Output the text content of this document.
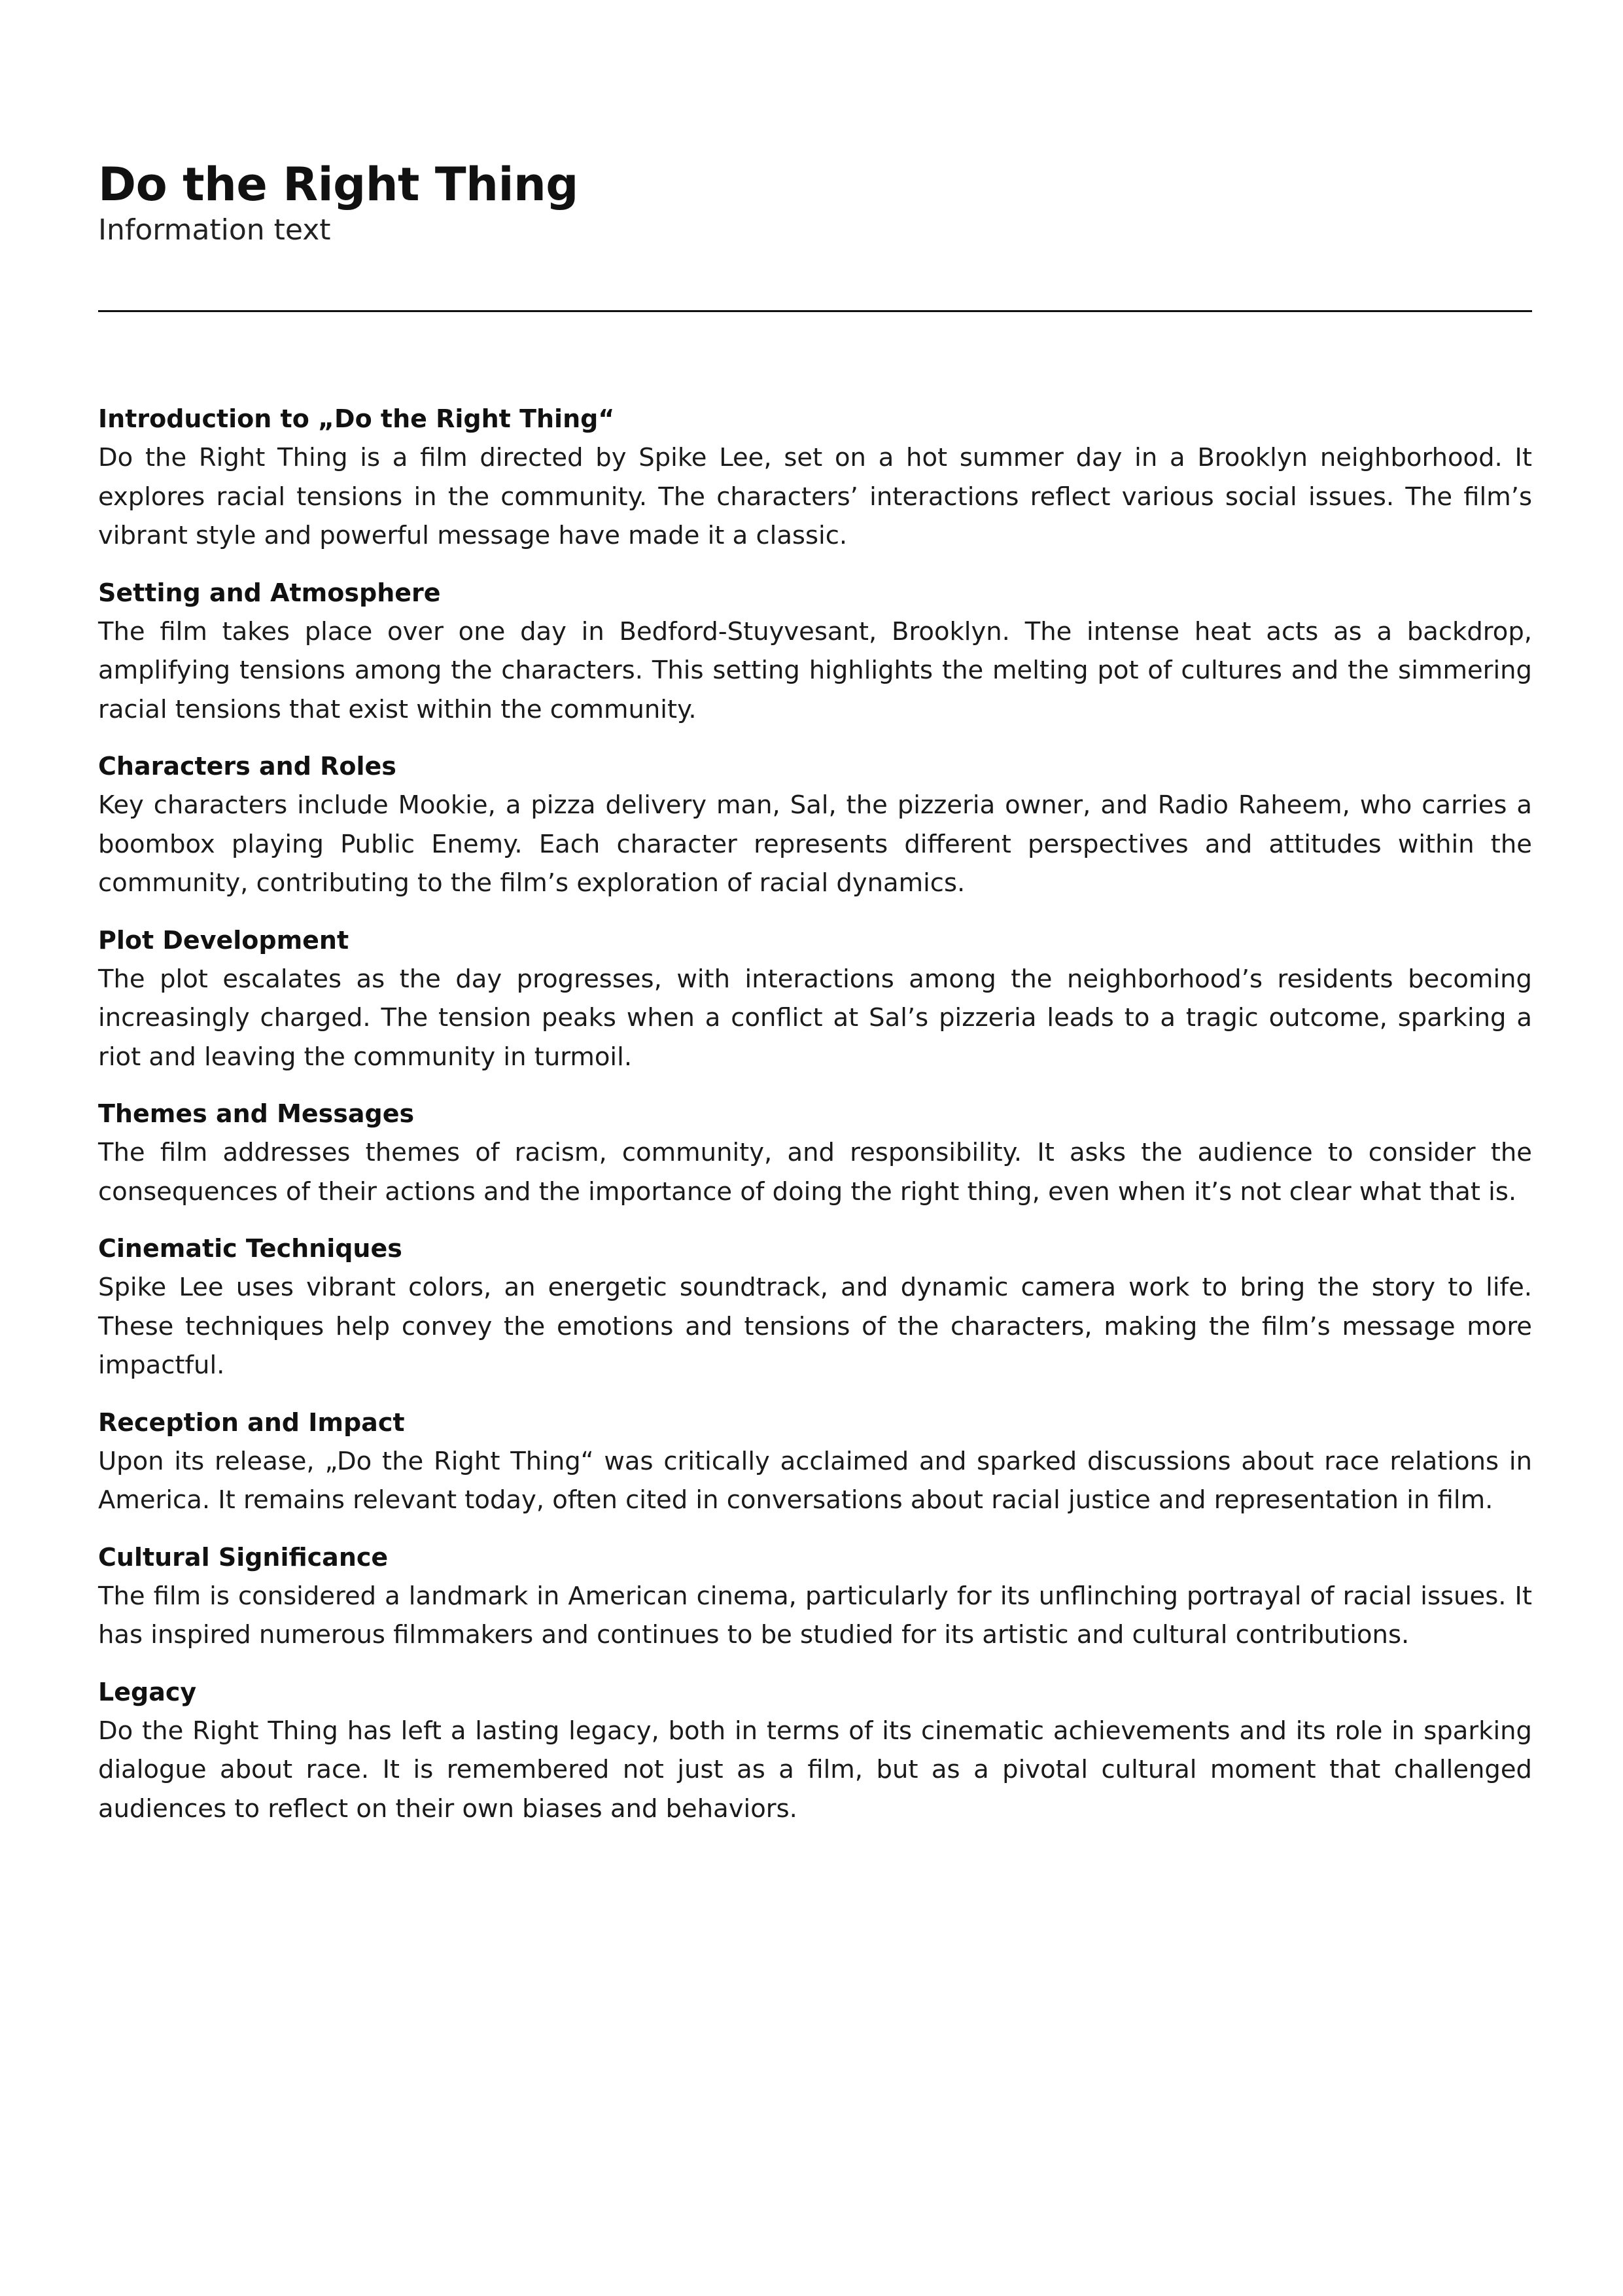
Do the Right Thing

Information text

Introduction to „Do the Right Thing“

Do the Right Thing is a film directed by Spike Lee, set on a hot summer day in a Brooklyn neighborhood. It explores racial tensions in the community. The characters’ interactions reflect various social issues. The film’s vibrant style and powerful message have made it a classic.

Setting and Atmosphere

The film takes place over one day in Bedford-Stuyvesant, Brooklyn. The intense heat acts as a backdrop, amplifying tensions among the characters. This setting highlights the melting pot of cultures and the simmering racial tensions that exist within the community.

Characters and Roles

Key characters include Mookie, a pizza delivery man, Sal, the pizzeria owner, and Radio Raheem, who carries a boombox playing Public Enemy. Each character represents different perspectives and attitudes within the community, contributing to the film’s exploration of racial dynamics.

Plot Development

The plot escalates as the day progresses, with interactions among the neighborhood’s residents becoming increasingly charged. The tension peaks when a conflict at Sal’s pizzeria leads to a tragic outcome, sparking a riot and leaving the community in turmoil.

Themes and Messages

The film addresses themes of racism, community, and responsibility. It asks the audience to consider the consequences of their actions and the importance of doing the right thing, even when it’s not clear what that is.

Cinematic Techniques

Spike Lee uses vibrant colors, an energetic soundtrack, and dynamic camera work to bring the story to life. These techniques help convey the emotions and tensions of the characters, making the film’s message more impactful.

Reception and Impact

Upon its release, „Do the Right Thing“ was critically acclaimed and sparked discussions about race relations in America. It remains relevant today, often cited in conversations about racial justice and representation in film.

Cultural Significance

The film is considered a landmark in American cinema, particularly for its unflinching portrayal of racial issues. It has inspired numerous filmmakers and continues to be studied for its artistic and cultural contributions.

Legacy

Do the Right Thing has left a lasting legacy, both in terms of its cinematic achievements and its role in sparking dialogue about race. It is remembered not just as a film, but as a pivotal cultural moment that challenged audiences to reflect on their own biases and behaviors.
